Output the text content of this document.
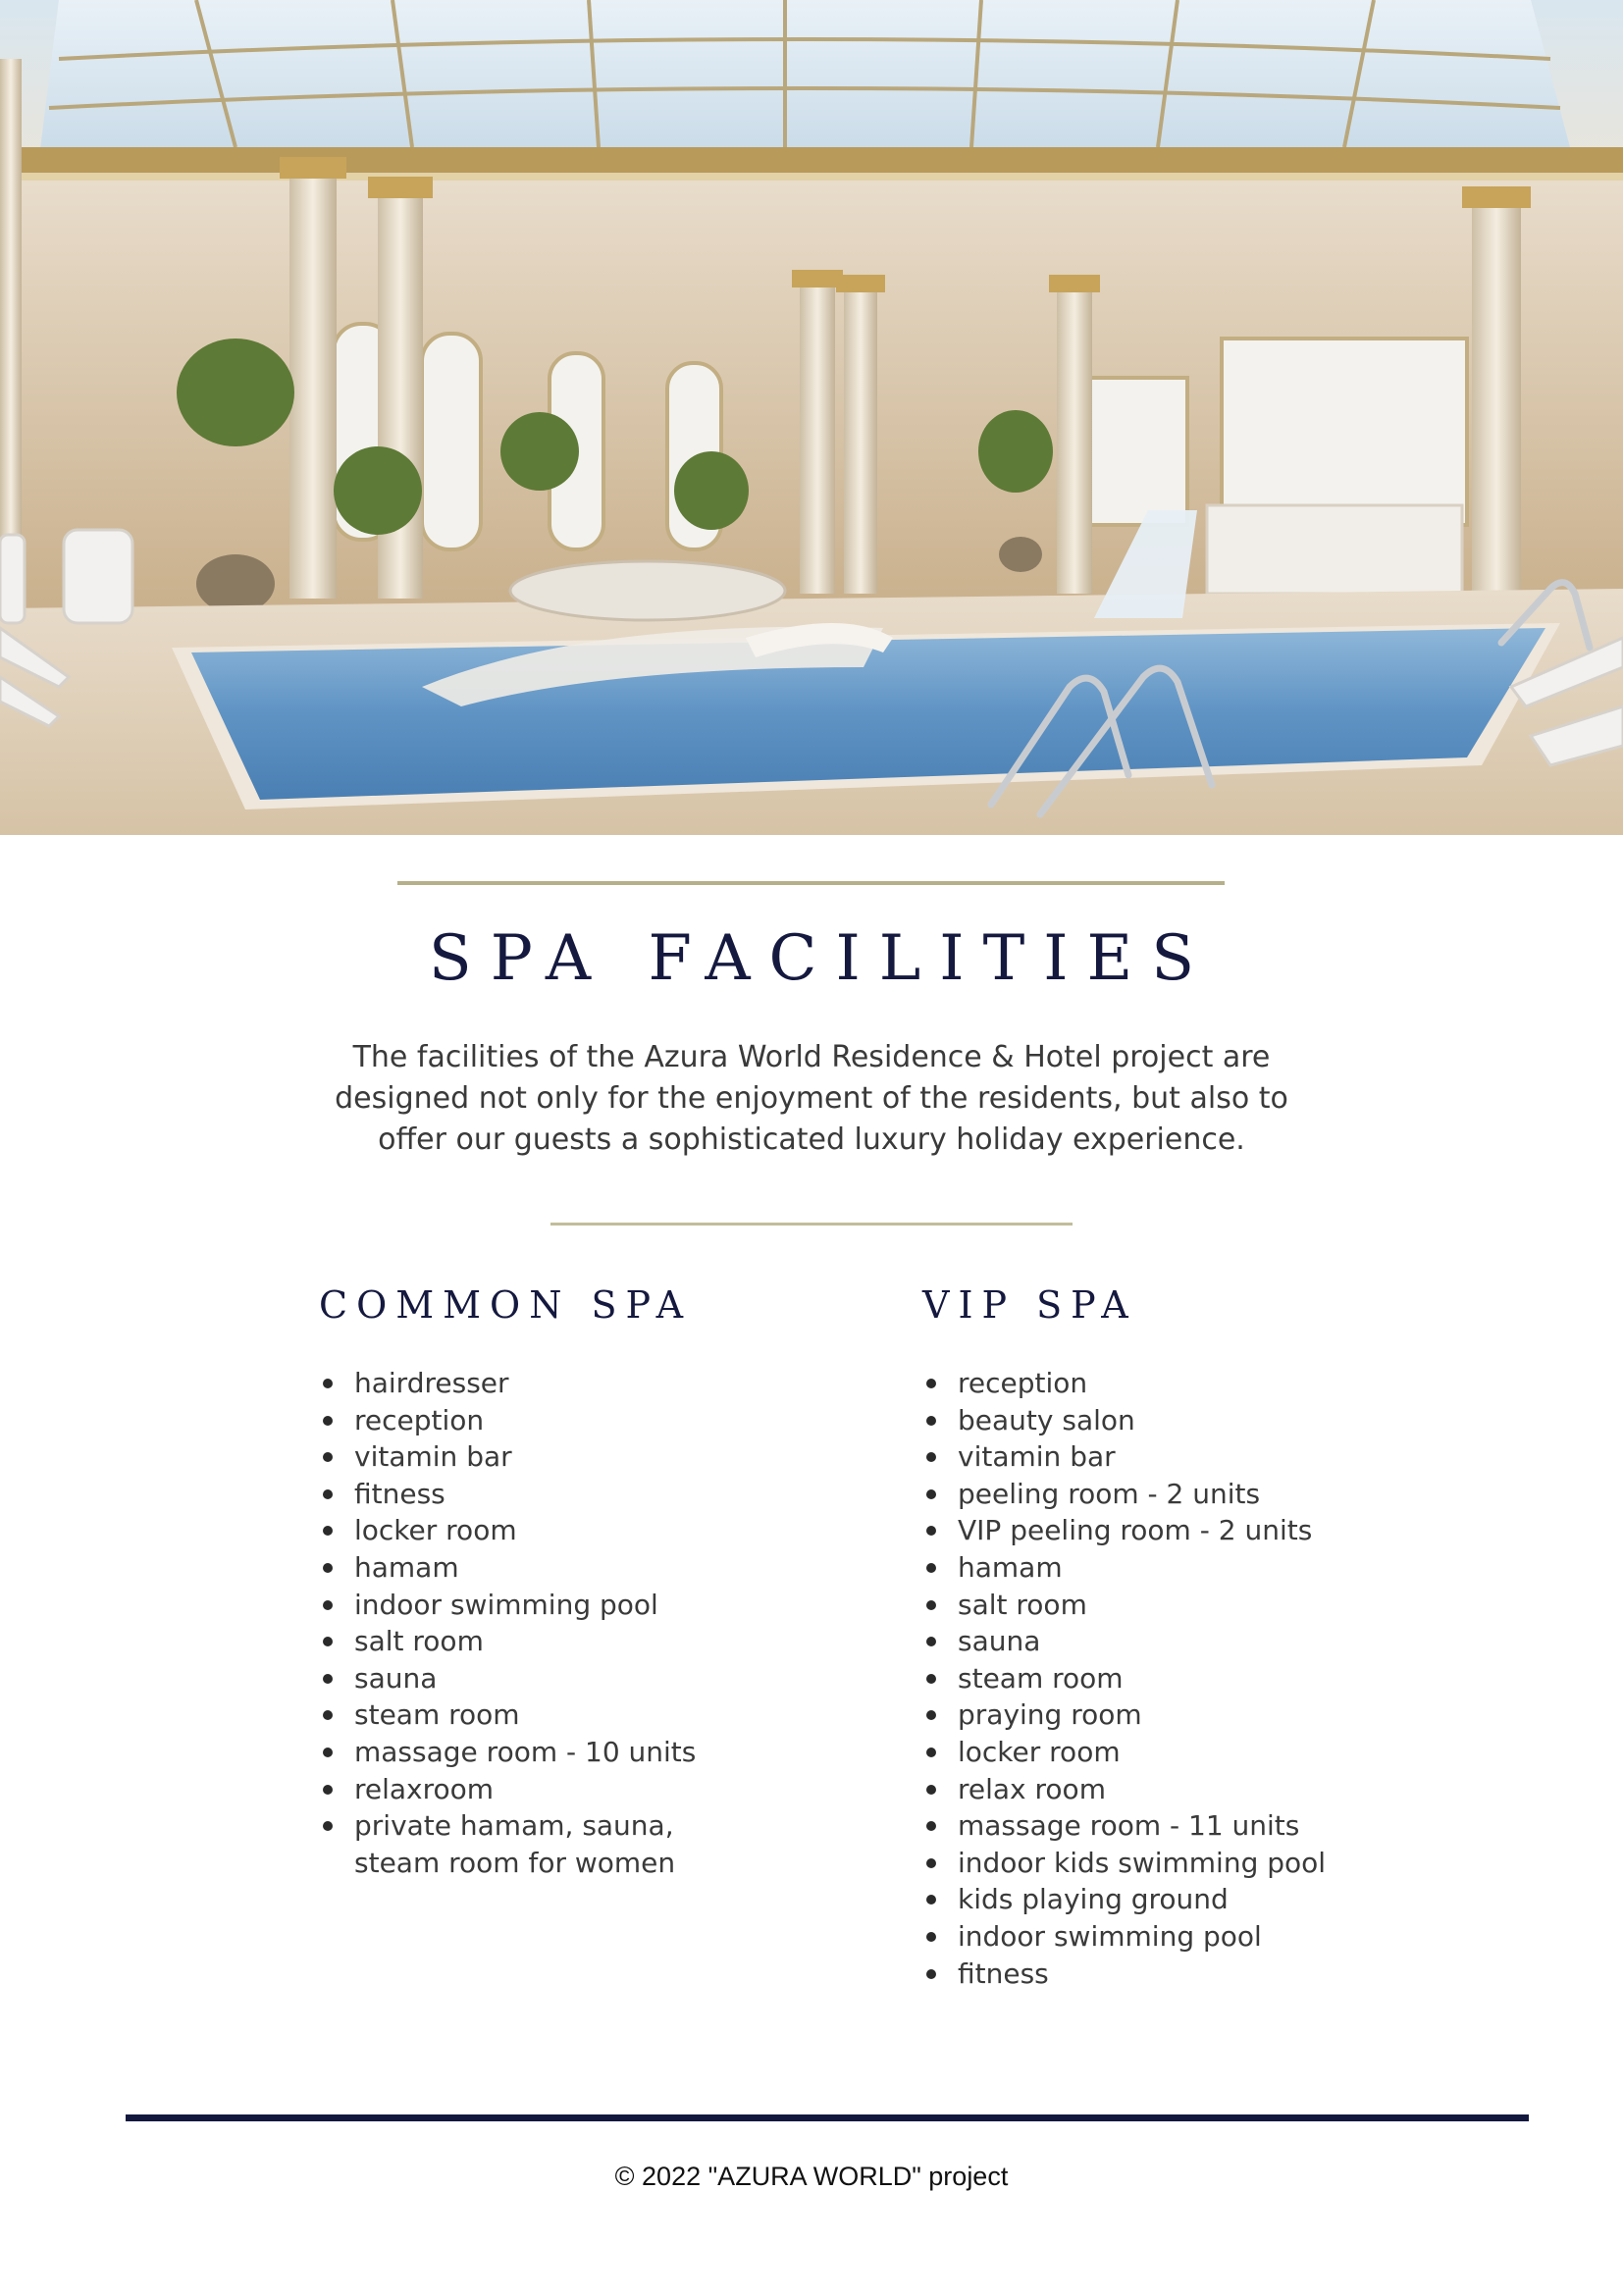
SPA FACILITIES
The facilities of the Azura World Residence & Hotel project are
designed not only for the enjoyment of the residents, but also to
offer our guests a sophisticated luxury holiday experience.
COMMON SPA
hairdresser
reception
vitamin bar
fitness
locker room
hamam
indoor swimming pool
salt room
sauna
steam room
massage room - 10 units
relaxroom
private hamam, sauna,
steam room for women
VIP SPA
reception
beauty salon
vitamin bar
peeling room - 2 units
VIP peeling room - 2 units
hamam
salt room
sauna
steam room
praying room
locker room
relax room
massage room - 11 units
indoor kids swimming pool
kids playing ground
indoor swimming pool
fitness
© 2022 "AZURA WORLD" project
